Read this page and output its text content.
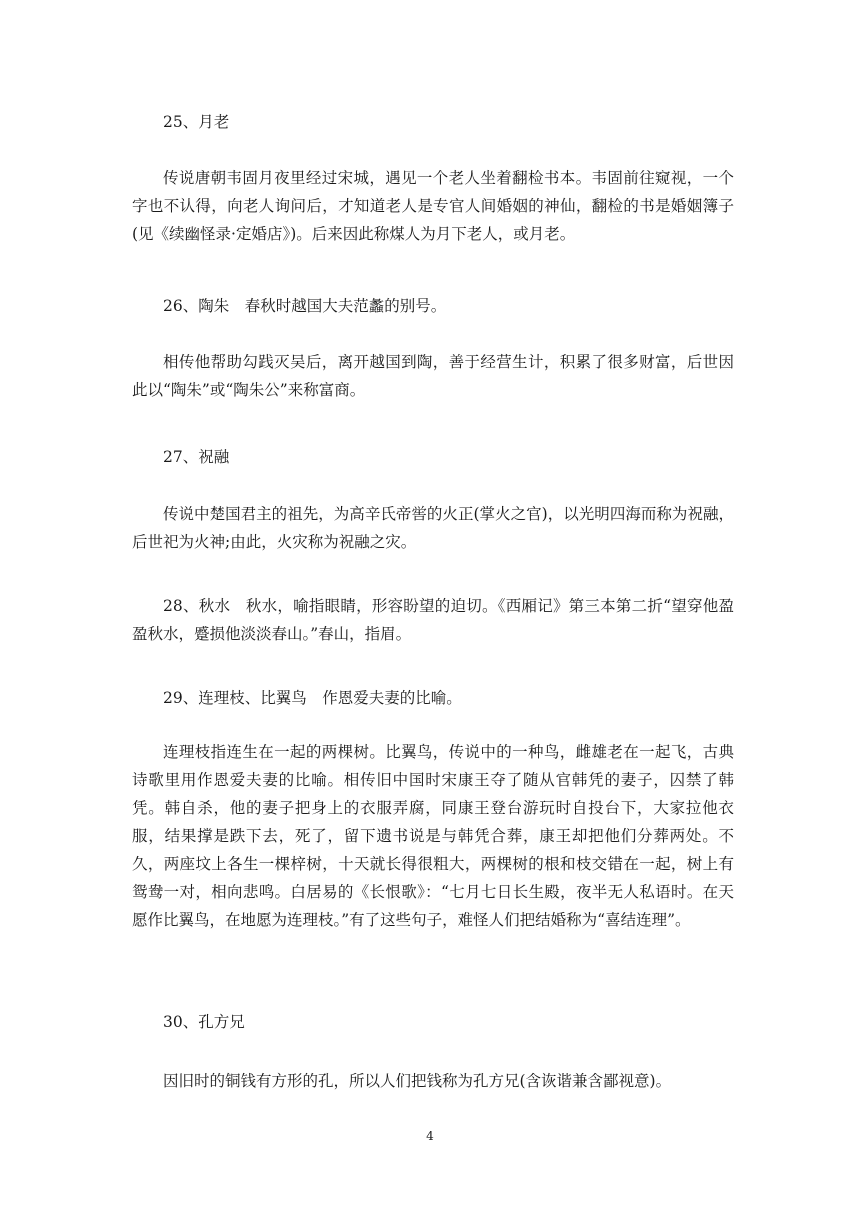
25、月老

传说唐朝韦固月夜里经过宋城，遇见一个老人坐着翻检书本。韦固前往窥视，一个字也不认得，向老人询问后，才知道老人是专官人间婚姻的神仙，翻检的书是婚姻簿子(见《续幽怪录·定婚店》)。后来因此称煤人为月下老人，或月老。

26、陶朱　春秋时越国大夫范蠡的别号。

相传他帮助勾践灭吴后，离开越国到陶，善于经营生计，积累了很多财富，后世因此以“陶朱”或“陶朱公”来称富商。

27、祝融

传说中楚国君主的祖先，为高辛氏帝喾的火正(掌火之官)，以光明四海而称为祝融，后世祀为火神;由此，火灾称为祝融之灾。

28、秋水　秋水，喻指眼睛，形容盼望的迫切。《西厢记》第三本第二折“望穿他盈盈秋水，蹙损他淡淡春山。”春山，指眉。

29、连理枝、比翼鸟　作恩爱夫妻的比喻。

连理枝指连生在一起的两棵树。比翼鸟，传说中的一种鸟，雌雄老在一起飞，古典诗歌里用作恩爱夫妻的比喻。相传旧中国时宋康王夺了随从官韩凭的妻子，囚禁了韩凭。韩自杀，他的妻子把身上的衣服弄腐，同康王登台游玩时自投台下，大家拉他衣服，结果撑是跌下去，死了，留下遗书说是与韩凭合葬，康王却把他们分葬两处。不久，两座坟上各生一棵梓树，十天就长得很粗大，两棵树的根和枝交错在一起，树上有鸳鸯一对，相向悲鸣。白居易的《长恨歌》：“七月七日长生殿，夜半无人私语时。在天愿作比翼鸟，在地愿为连理枝。”有了这些句子，难怪人们把结婚称为“喜结连理”。

30、孔方兄

因旧时的铜钱有方形的孔，所以人们把钱称为孔方兄(含诙谐兼含鄙视意)。

4
